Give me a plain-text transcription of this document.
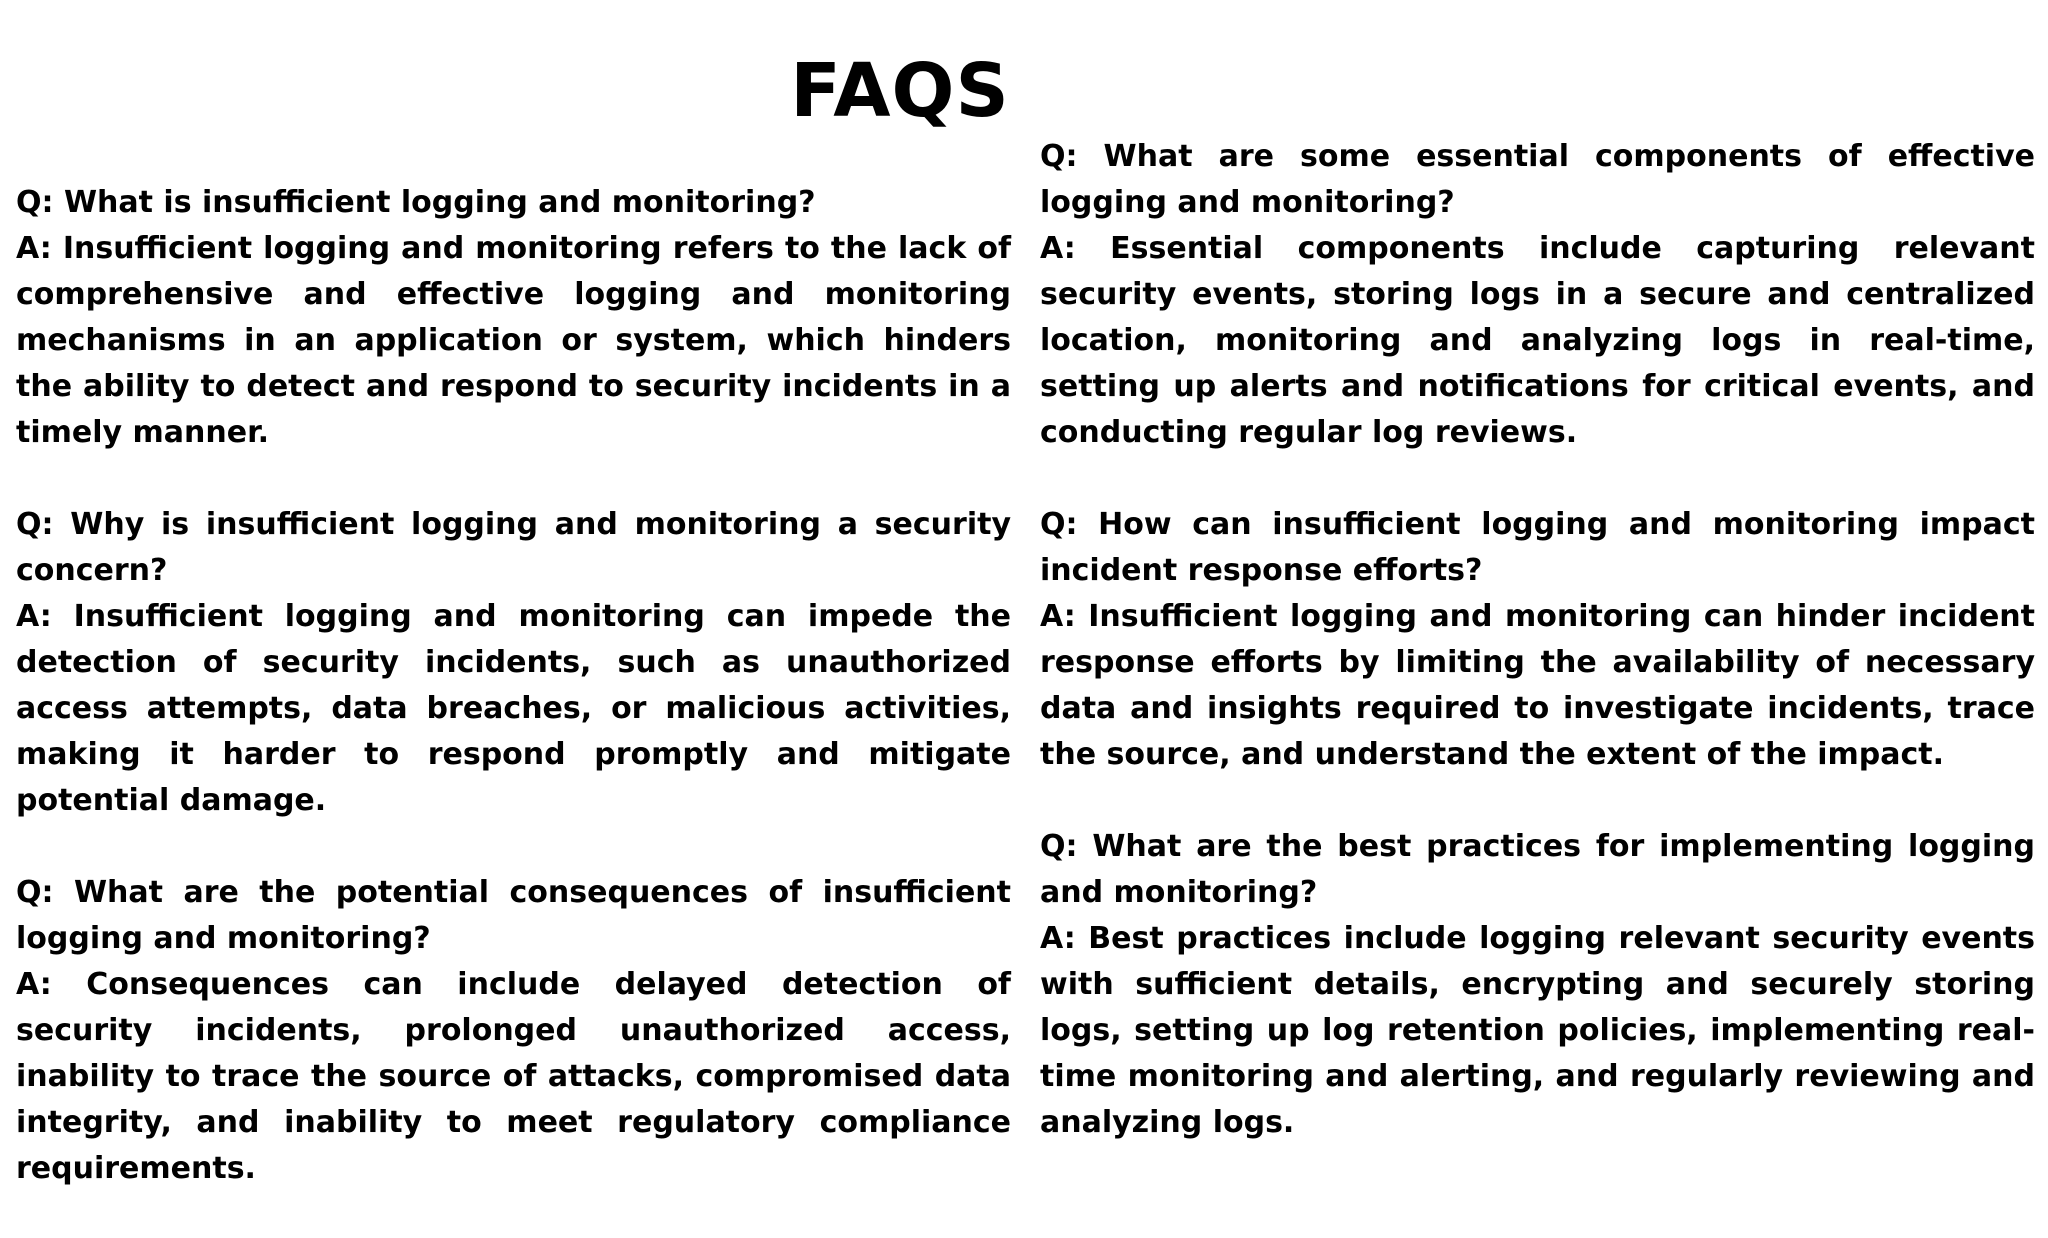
FAQS

Q: What is insufficient logging and monitoring?

A: Insufficient logging and monitoring refers to the lack of comprehensive and effective logging and monitoring mechanisms in an application or system, which hinders the ability to detect and respond to security incidents in a timely manner.

Q: Why is insufficient logging and monitoring a security concern?

A: Insufficient logging and monitoring can impede the detection of security incidents, such as unauthorized access attempts, data breaches, or malicious activities, making it harder to respond promptly and mitigate potential damage.

Q: What are the potential consequences of insufficient logging and monitoring?

A: Consequences can include delayed detection of security incidents, prolonged unauthorized access, inability to trace the source of attacks, compromised data integrity, and inability to meet regulatory compliance requirements.

Q: What are some essential components of effective logging and monitoring?

A: Essential components include capturing relevant security events, storing logs in a secure and centralized location, monitoring and analyzing logs in real-time, setting up alerts and notifications for critical events, and conducting regular log reviews.

Q: How can insufficient logging and monitoring impact incident response efforts?

A: Insufficient logging and monitoring can hinder incident response efforts by limiting the availability of necessary data and insights required to investigate incidents, trace the source, and understand the extent of the impact.

Q: What are the best practices for implementing logging and monitoring?

A: Best practices include logging relevant security events with sufficient details, encrypting and securely storing logs, setting up log retention policies, implementing real-time monitoring and alerting, and regularly reviewing and analyzing logs.
